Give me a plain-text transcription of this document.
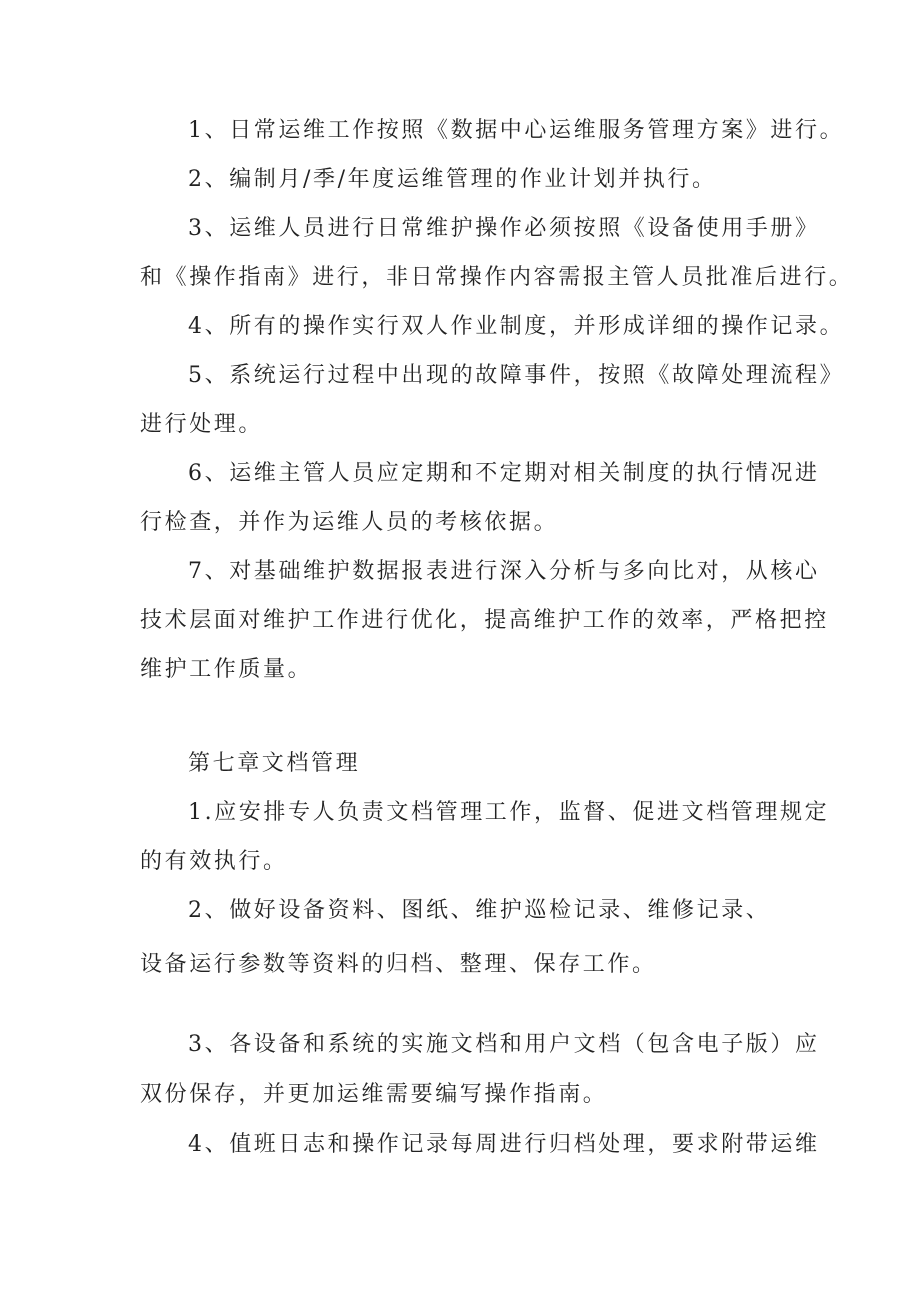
1、日常运维工作按照《数据中心运维服务管理方案》进行。
2、编制月/季/年度运维管理的作业计划并执行。
3、运维人员进行日常维护操作必须按照《设备使用手册》
和《操作指南》进行，非日常操作内容需报主管人员批准后进行。
4、所有的操作实行双人作业制度，并形成详细的操作记录。
5、系统运行过程中出现的故障事件，按照《故障处理流程》
进行处理。
6、运维主管人员应定期和不定期对相关制度的执行情况进
行检查，并作为运维人员的考核依据。
7、对基础维护数据报表进行深入分析与多向比对，从核心
技术层面对维护工作进行优化，提高维护工作的效率，严格把控
维护工作质量。
第七章文档管理
1.应安排专人负责文档管理工作，监督、促进文档管理规定
的有效执行。
2、做好设备资料、图纸、维护巡检记录、维修记录、
设备运行参数等资料的归档、整理、保存工作。
3、各设备和系统的实施文档和用户文档（包含电子版）应
双份保存，并更加运维需要编写操作指南。
4、值班日志和操作记录每周进行归档处理，要求附带运维
